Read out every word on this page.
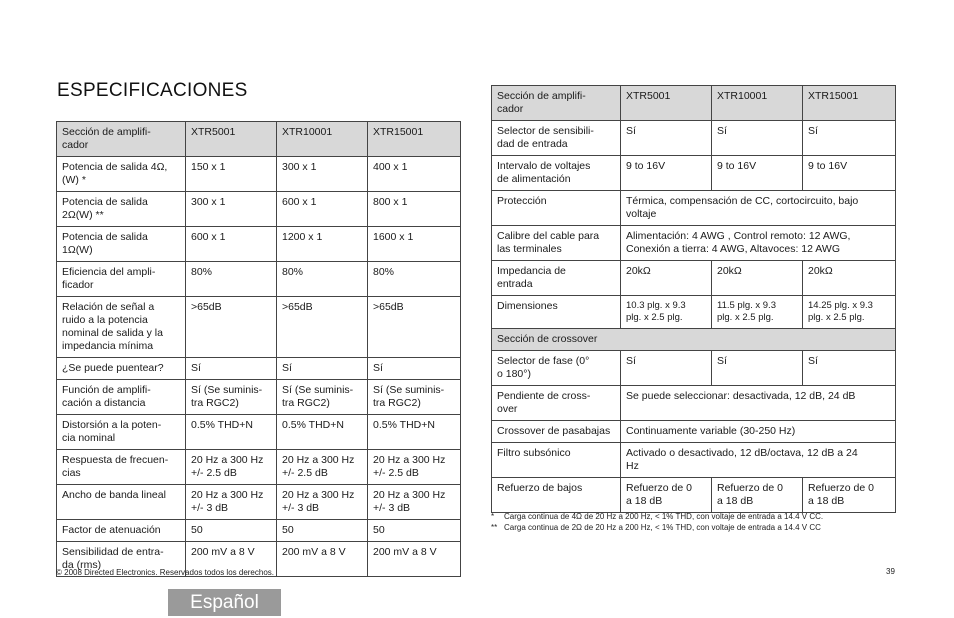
ESPECIFICACIONES
Sección de amplifi-
cador	XTR5001	XTR10001	XTR15001
Potencia de salida 4Ω,
(W) *	150 x 1	300 x 1	400 x 1
Potencia de salida
2Ω(W) **	300 x 1	600 x 1	800 x 1
Potencia de salida
1Ω(W)	600 x 1	1200 x 1	1600 x 1
Eficiencia del ampli-
ficador	80%	80%	80%
Relación de señal a
ruido a la potencia
nominal de salida y la
impedancia mínima	>65dB	>65dB	>65dB
¿Se puede puentear?	Sí	Sí	Sí
Función de amplifi-
cación a distancia	Sí (Se suminis-
tra RGC2)	Sí (Se suminis-
tra RGC2)	Sí (Se suminis-
tra RGC2)
Distorsión a la poten-
cia nominal	0.5% THD+N	0.5% THD+N	0.5% THD+N
Respuesta de frecuen-
cias	20 Hz a 300 Hz
+/- 2.5 dB	20 Hz a 300 Hz
+/- 2.5 dB	20 Hz a 300 Hz
+/- 2.5 dB
Ancho de banda lineal	20 Hz a 300 Hz
+/- 3 dB	20 Hz a 300 Hz
+/- 3 dB	20 Hz a 300 Hz
+/- 3 dB
Factor de atenuación	50	50	50
Sensibilidad de entra-
da (rms)	200 mV a 8 V	200 mV a 8 V	200 mV a 8 V
Sección de amplifi-
cador	XTR5001	XTR10001	XTR15001
Selector de sensibili-
dad de entrada	Sí	Sí	Sí
Intervalo de voltajes
de alimentación	9 to 16V	9 to 16V	9 to 16V
Protección	Térmica, compensación de CC, cortocircuito, bajo
voltaje		
Calibre del cable para
las terminales	Alimentación: 4 AWG , Control remoto: 12 AWG,
Conexión a tierra: 4 AWG, Altavoces: 12 AWG		
Impedancia de
entrada	20kΩ	20kΩ	20kΩ
Dimensiones	10.3 plg. x 9.3
plg. x 2.5 plg.	11.5 plg. x 9.3
plg. x 2.5 plg.	14.25 plg. x 9.3
plg. x 2.5 plg.
Sección de crossover			
Selector de fase (0°
o 180°)	Sí	Sí	Sí
Pendiente de cross-
over	Se puede seleccionar: desactivada, 12 dB, 24 dB		
Crossover de pasabajas	Continuamente variable (30-250 Hz)		
Filtro subsónico	Activado o desactivado, 12 dB/octava, 12 dB a 24
Hz		
Refuerzo de bajos	Refuerzo de 0
a 18 dB	Refuerzo de 0
a 18 dB	Refuerzo de 0
a 18 dB
* Carga continua de 4Ω de 20 Hz a 200 Hz, < 1% THD, con voltaje de entrada a 14.4 V CC.
** Carga continua de 2Ω de 20 Hz a 200 Hz, < 1% THD, con voltaje de entrada a 14.4 V CC
© 2008 Directed Electronics. Reservados todos los derechos.	39
Español
